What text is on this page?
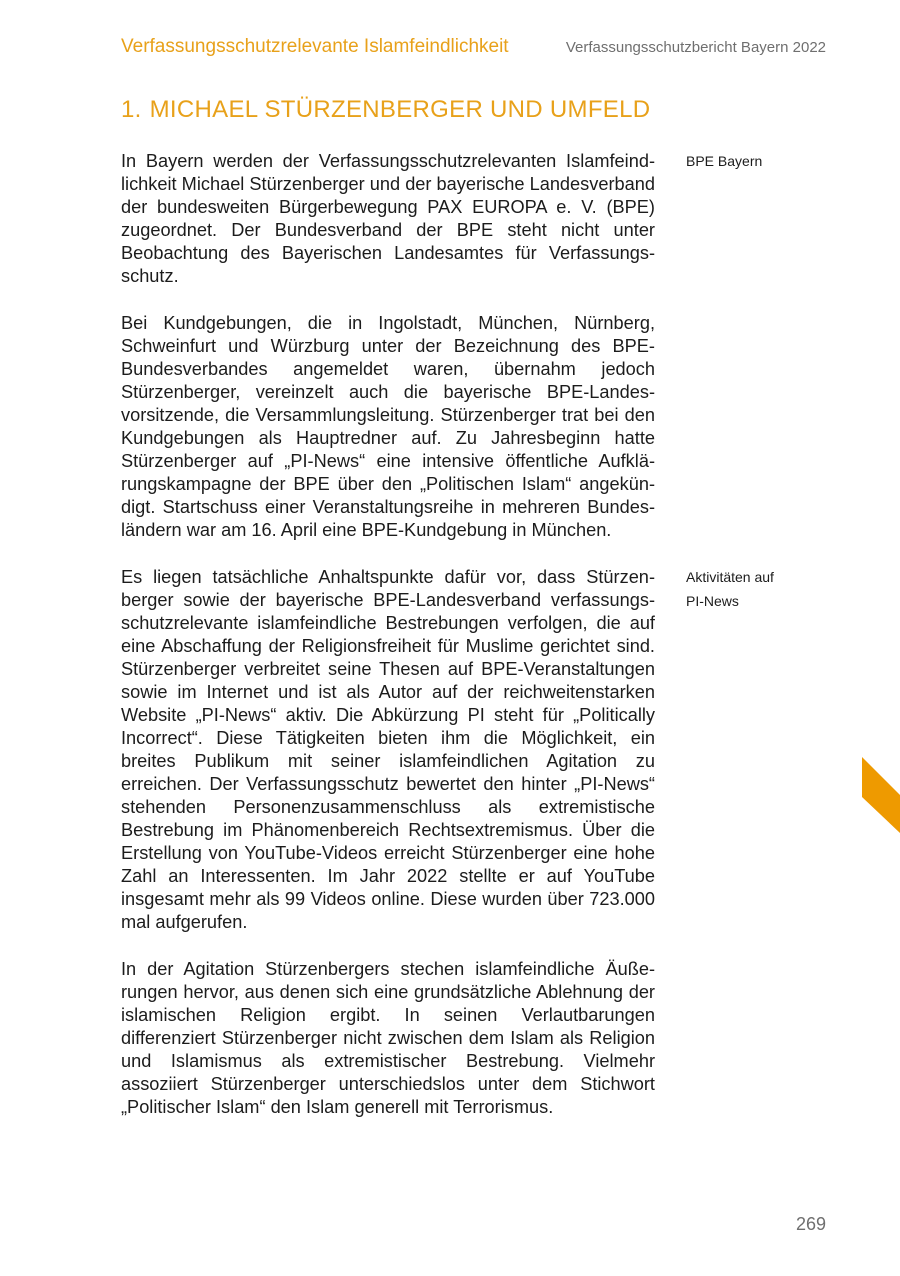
Verfassungsschutzrelevante Islamfeindlichkeit	Verfassungsschutzbericht Bayern 2022
1. MICHAEL STÜRZENBERGER UND UMFELD

In Bayern werden der Verfassungsschutzrelevanten Islamfeindlichkeit Michael Stürzenberger und der bayerische Landesverband der bundesweiten Bürgerbewegung PAX EUROPA e. V. (BPE) zugeordnet. Der Bundesverband der BPE steht nicht unter Beobachtung des Bayerischen Landesamtes für Verfassungsschutz.

Bei Kundgebungen, die in Ingolstadt, München, Nürnberg, Schweinfurt und Würzburg unter der Bezeichnung des BPE-Bundesverbandes angemeldet waren, übernahm jedoch Stürzenberger, vereinzelt auch die bayerische BPE-Landesvorsitzende, die Versammlungsleitung. Stürzenberger trat bei den Kundgebungen als Hauptredner auf. Zu Jahresbeginn hatte Stürzenberger auf „PI-News“ eine intensive öffentliche Aufklärungskampagne der BPE über den „Politischen Islam“ angekündigt. Startschuss einer Veranstaltungsreihe in mehreren Bundesländern war am 16. April eine BPE-Kundgebung in München.

Es liegen tatsächliche Anhaltspunkte dafür vor, dass Stürzenberger sowie der bayerische BPE-Landesverband verfassungsschutzrelevante islamfeindliche Bestrebungen verfolgen, die auf eine Abschaffung der Religionsfreiheit für Muslime gerichtet sind. Stürzenberger verbreitet seine Thesen auf BPE-Veranstaltungen sowie im Internet und ist als Autor auf der reichweitenstarken Website „PI-News“ aktiv. Die Abkürzung PI steht für „Politically Incorrect“. Diese Tätigkeiten bieten ihm die Möglichkeit, ein breites Publikum mit seiner islamfeindlichen Agitation zu erreichen. Der Verfassungsschutz bewertet den hinter „PI-News“ stehenden Personenzusammenschluss als extremistische Bestrebung im Phänomenbereich Rechtsextremismus. Über die Erstellung von YouTube-Videos erreicht Stürzenberger eine hohe Zahl an Interessenten. Im Jahr 2022 stellte er auf YouTube insgesamt mehr als 99 Videos online. Diese wurden über 723.000 mal aufgerufen.

In der Agitation Stürzenbergers stechen islamfeindliche Äußerungen hervor, aus denen sich eine grundsätzliche Ablehnung der islamischen Religion ergibt. In seinen Verlautbarungen differenziert Stürzenberger nicht zwischen dem Islam als Religion und Islamismus als extremistischer Bestrebung. Vielmehr assoziiert Stürzenberger unterschiedslos unter dem Stichwort „Politischer Islam“ den Islam generell mit Terrorismus.

BPE Bayern
Aktivitäten auf
PI-News
269
